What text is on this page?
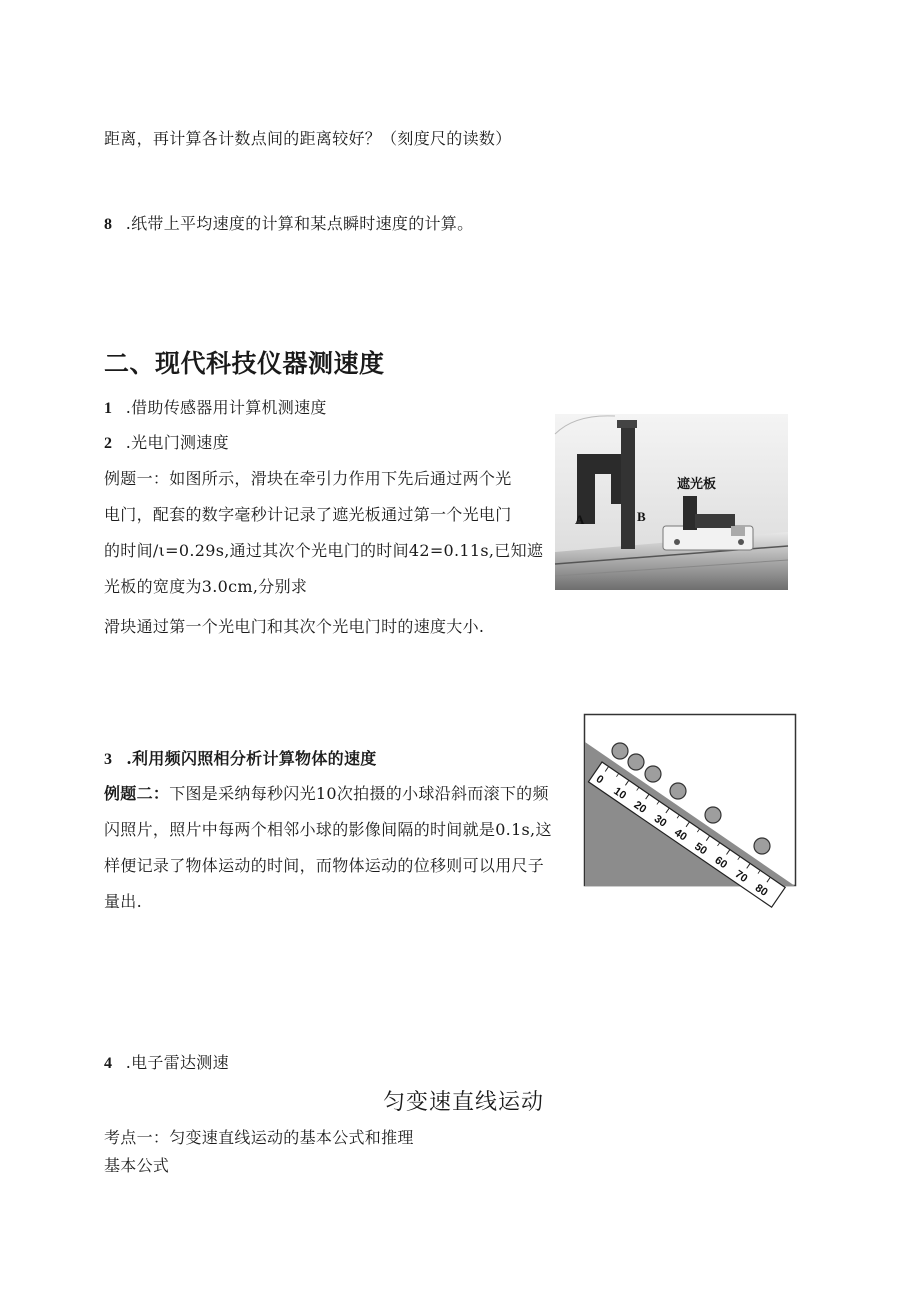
距离，再计算各计数点间的距离较好？（刻度尺的读数）
8 .纸带上平均速度的计算和某点瞬时速度的计算。
二、现代科技仪器测速度
1 .借助传感器用计算机测速度
2 .光电门测速度
例题一：如图所示，滑块在牵引力作用下先后通过两个光
电门，配套的数字毫秒计记录了遮光板通过第一个光电门
的时间/ι=0.29s,通过其次个光电门的时间42=0.11s,已知遮
光板的宽度为3.0cm,分别求
滑块通过第一个光电门和其次个光电门时的速度大小.
A	B
遮光板
3 .利用频闪照相分析计算物体的速度
例题二：下图是采纳每秒闪光10次拍摄的小球沿斜而滚下的频
闪照片，照片中每两个相邻小球的影像间隔的时间就是0.1s,这
样便记录了物体运动的时间，而物体运动的位移则可以用尺子
量出.
0
10
20
30
40
50
60
70
80
4 .电子雷达测速
匀变速直线运动
考点一：匀变速直线运动的基本公式和推理
基本公式
